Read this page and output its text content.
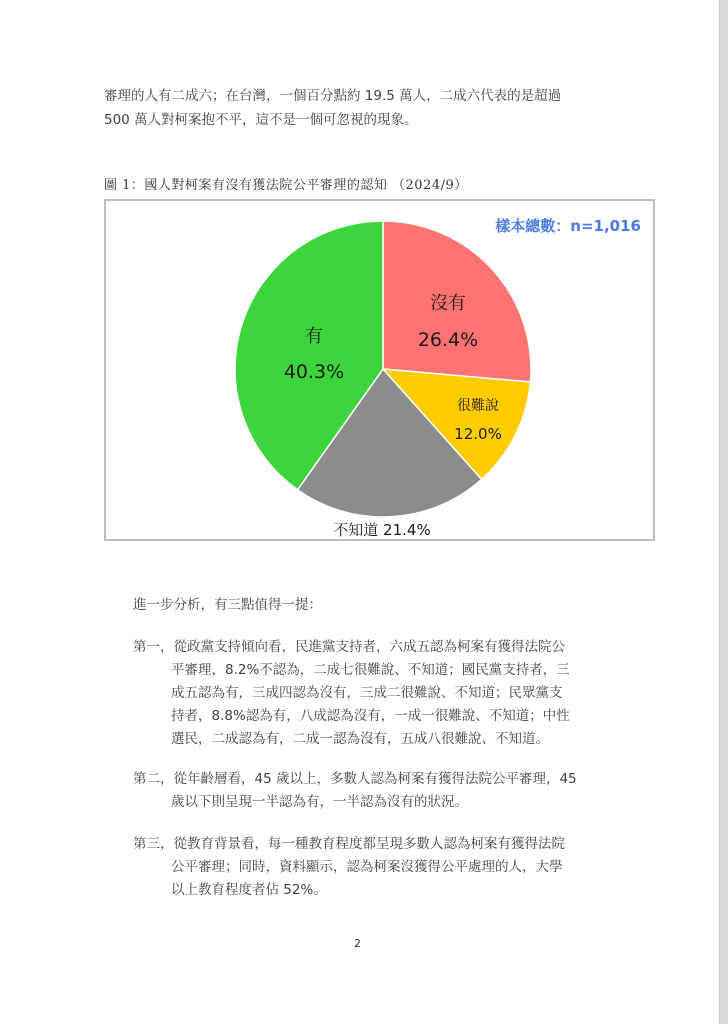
審理的人有二成六；在台灣，一個百分點約 19.5 萬人，二成六代表的是超過
500 萬人對柯案抱不平，這不是一個可忽視的現象。
圖 1：國人對柯案有沒有獲法院公平審理的認知 （2024/9）
樣本總數：n=1,016
沒有
26.4%
很難說
12.0%
有
40.3%
不知道 21.4%
進一步分析，有三點值得一提：
第一，從政黨支持傾向看，民進黨支持者，六成五認為柯案有獲得法院公
平審理，8.2%不認為，二成七很難說、不知道；國民黨支持者，三
成五認為有，三成四認為沒有，三成二很難說、不知道；民眾黨支
持者，8.8%認為有，八成認為沒有，一成一很難說、不知道；中性
選民，二成認為有，二成一認為沒有，五成八很難說、不知道。
第二，從年齡層看，45 歲以上，多數人認為柯案有獲得法院公平審理，45
歲以下則呈現一半認為有，一半認為沒有的狀況。
第三，從教育背景看，每一種教育程度都呈現多數人認為柯案有獲得法院
公平審理；同時，資料顯示，認為柯案沒獲得公平處理的人，大學
以上教育程度者佔 52%。
2
